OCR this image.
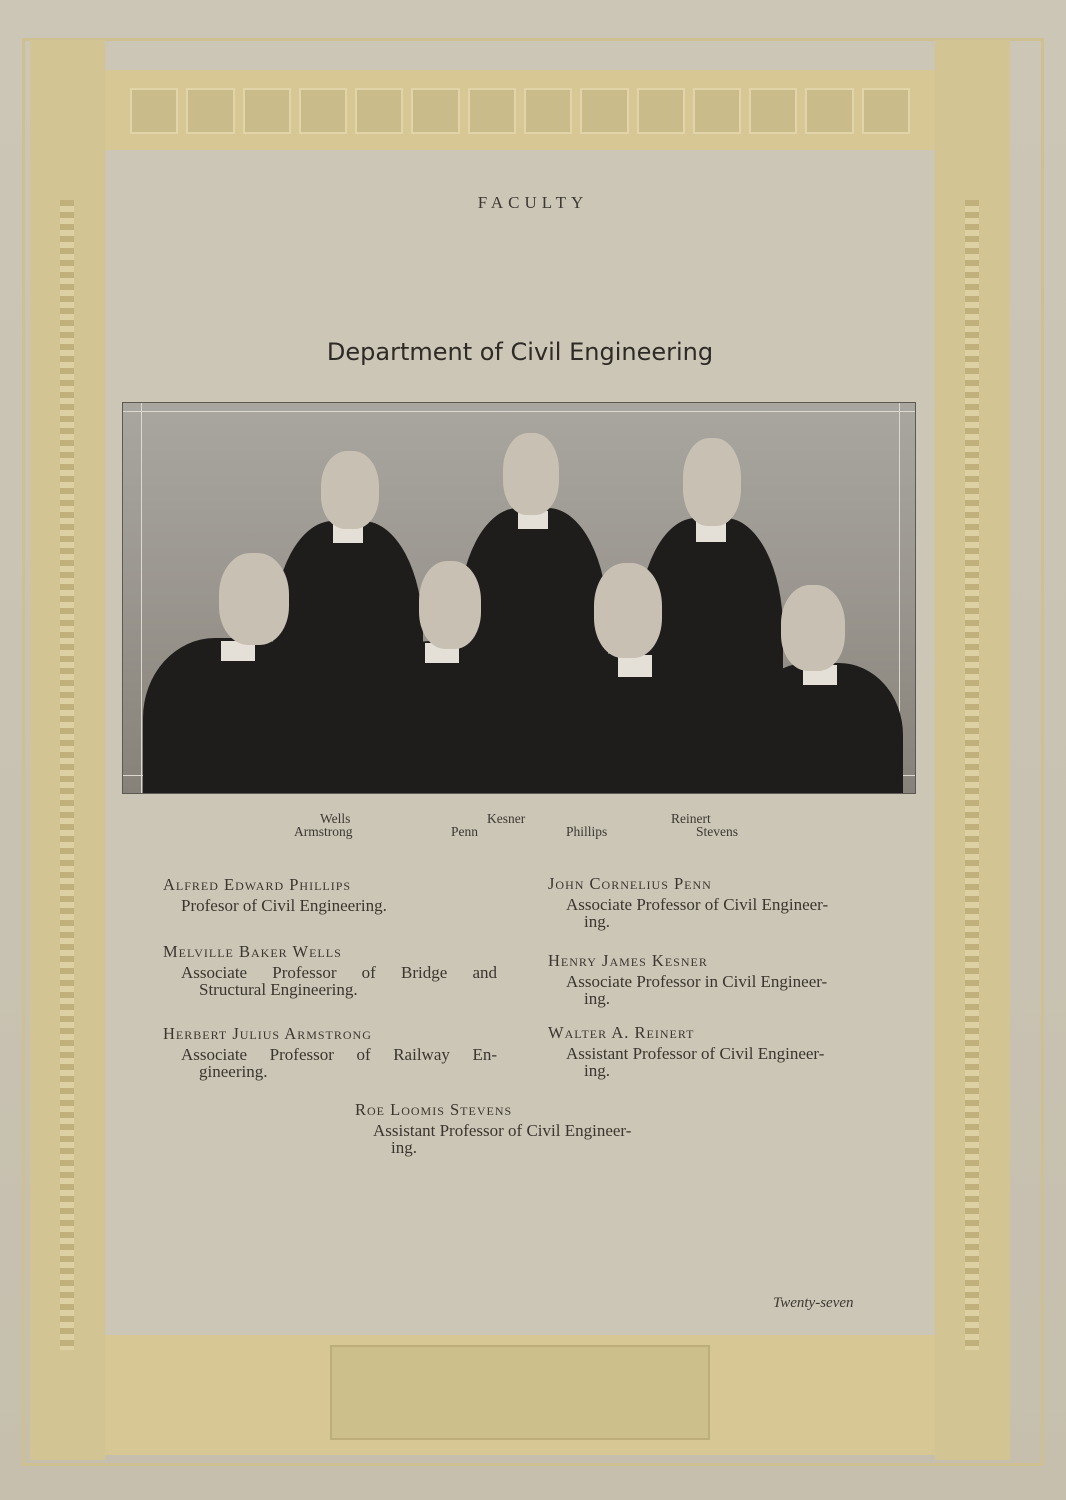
FACULTY
Department of Civil Engineering
Wells	Kesner	Reinert
Armstrong	Penn	Phillips	Stevens
Alfred Edward Phillips
Profesor of Civil Engineering.
John Cornelius Penn
Associate Professor of Civil Engineer-
ing.
Melville Baker Wells
Associate Professor of Bridge and
Structural Engineering.
Henry James Kesner
Associate Professor in Civil Engineer-
ing.
Herbert Julius Armstrong
Associate Professor of Railway En-
gineering.
Walter A. Reinert
Assistant Professor of Civil Engineer-
ing.
Roe Loomis Stevens
Assistant Professor of Civil Engineer-
ing.
Twenty-seven
